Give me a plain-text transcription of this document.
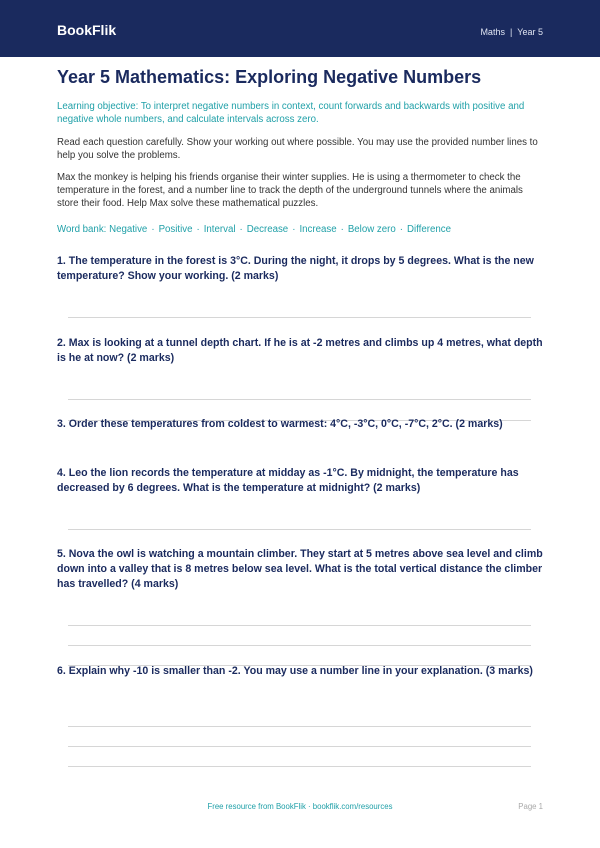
BookFlik	Maths | Year 5
Year 5 Mathematics: Exploring Negative Numbers

Learning objective: To interpret negative numbers in context, count forwards and backwards with positive and negative whole numbers, and calculate intervals across zero.

Read each question carefully. Show your working out where possible. You may use the provided number lines to help you solve the problems.

Max the monkey is helping his friends organise their winter supplies. He is using a thermometer to check the temperature in the forest, and a number line to track the depth of the underground tunnels where the animals store their food. Help Max solve these mathematical puzzles.

Word bank: Negative · Positive · Interval · Decrease · Increase · Below zero · Difference

1. The temperature in the forest is 3°C. During the night, it drops by 5 degrees. What is the new temperature? Show your working. (2 marks)

2. Max is looking at a tunnel depth chart. If he is at -2 metres and climbs up 4 metres, what depth is he at now? (2 marks)

3. Order these temperatures from coldest to warmest: 4°C, -3°C, 0°C, -7°C, 2°C. (2 marks)

4. Leo the lion records the temperature at midday as -1°C. By midnight, the temperature has decreased by 6 degrees. What is the temperature at midnight? (2 marks)

5. Nova the owl is watching a mountain climber. They start at 5 metres above sea level and climb down into a valley that is 8 metres below sea level. What is the total vertical distance the climber has travelled? (4 marks)

6. Explain why -10 is smaller than -2. You may use a number line in your explanation. (3 marks)

Free resource from BookFlik · bookflik.com/resources	Page 1
